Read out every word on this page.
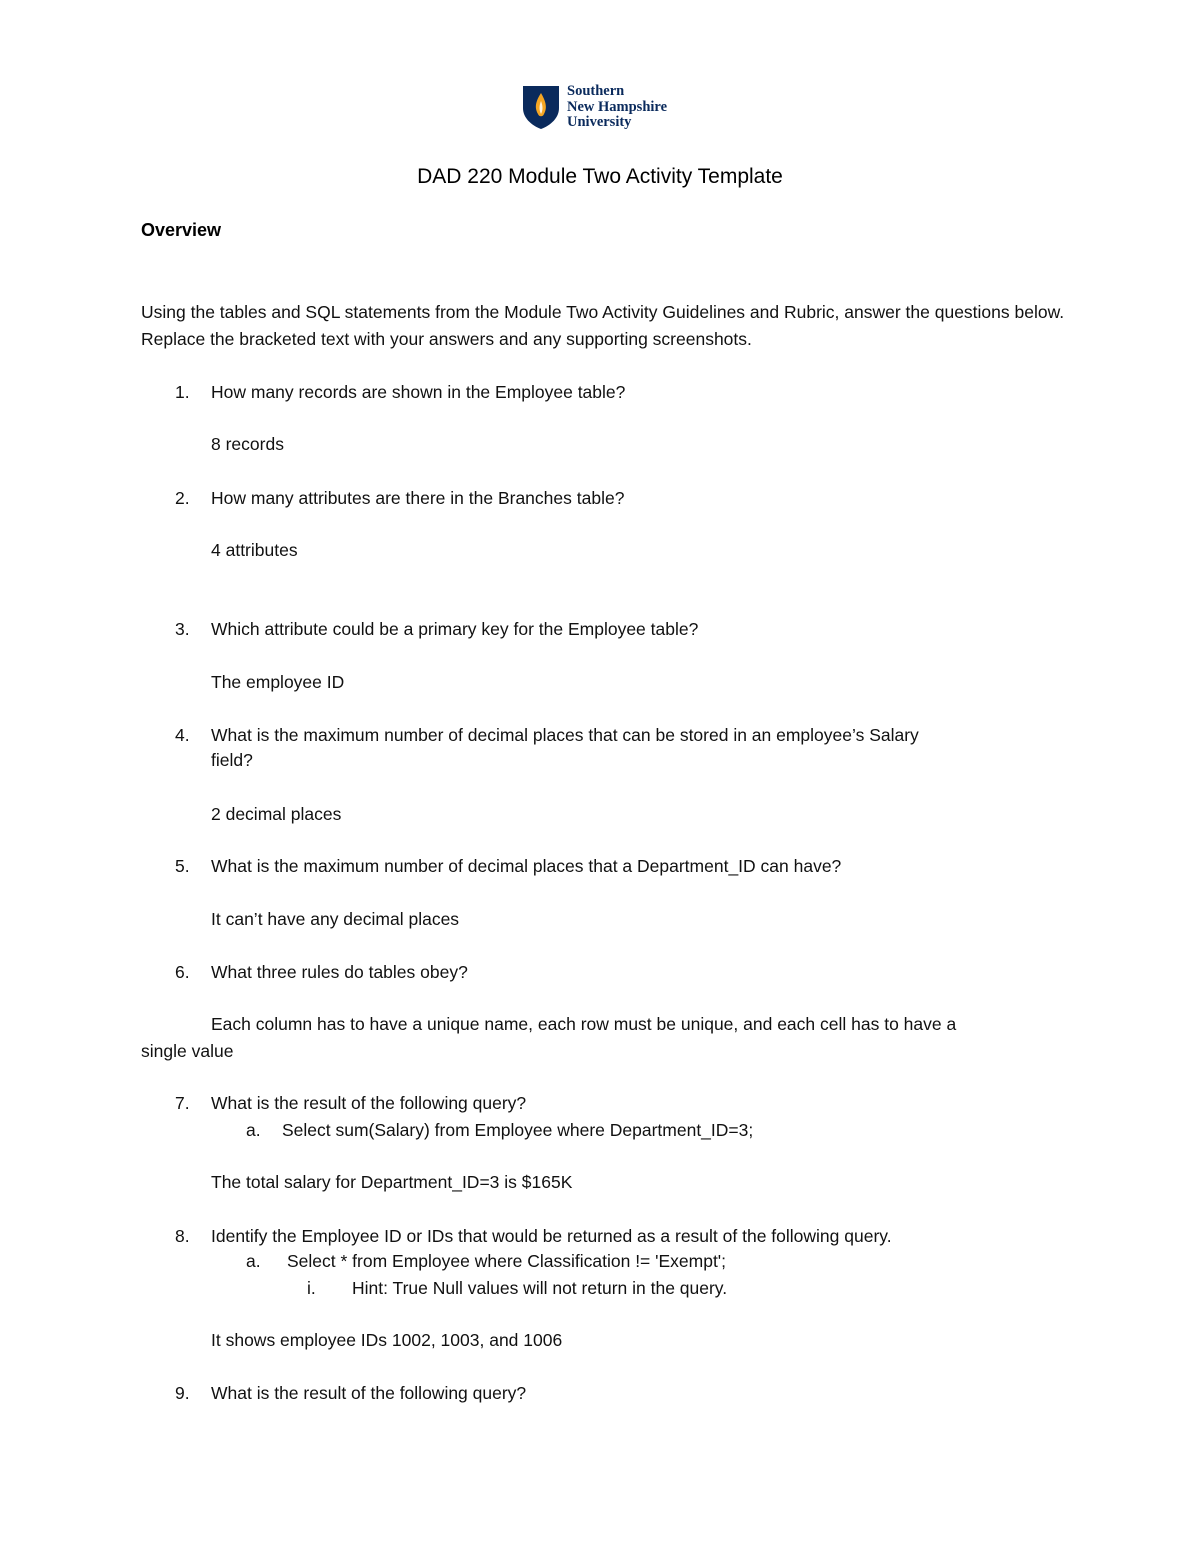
Southern
New Hampshire
University
DAD 220 Module Two Activity Template
Overview
Using the tables and SQL statements from the Module Two Activity Guidelines and Rubric, answer the questions below. Replace the bracketed text with your answers and any supporting screenshots.
1. How many records are shown in the Employee table?
8 records
2. How many attributes are there in the Branches table?
4 attributes
3. Which attribute could be a primary key for the Employee table?
The employee ID
4. What is the maximum number of decimal places that can be stored in an employee’s Salary
field?
2 decimal places
5. What is the maximum number of decimal places that a Department_ID can have?
It can’t have any decimal places
6. What three rules do tables obey?
Each column has to have a unique name, each row must be unique, and each cell has to have a
single value
7. What is the result of the following query?
a. Select sum(Salary) from Employee where Department_ID=3;
The total salary for Department_ID=3 is $165K
8. Identify the Employee ID or IDs that would be returned as a result of the following query.
a. Select * from Employee where Classification != 'Exempt';
i. Hint: True Null values will not return in the query.
It shows employee IDs 1002, 1003, and 1006
9. What is the result of the following query?
